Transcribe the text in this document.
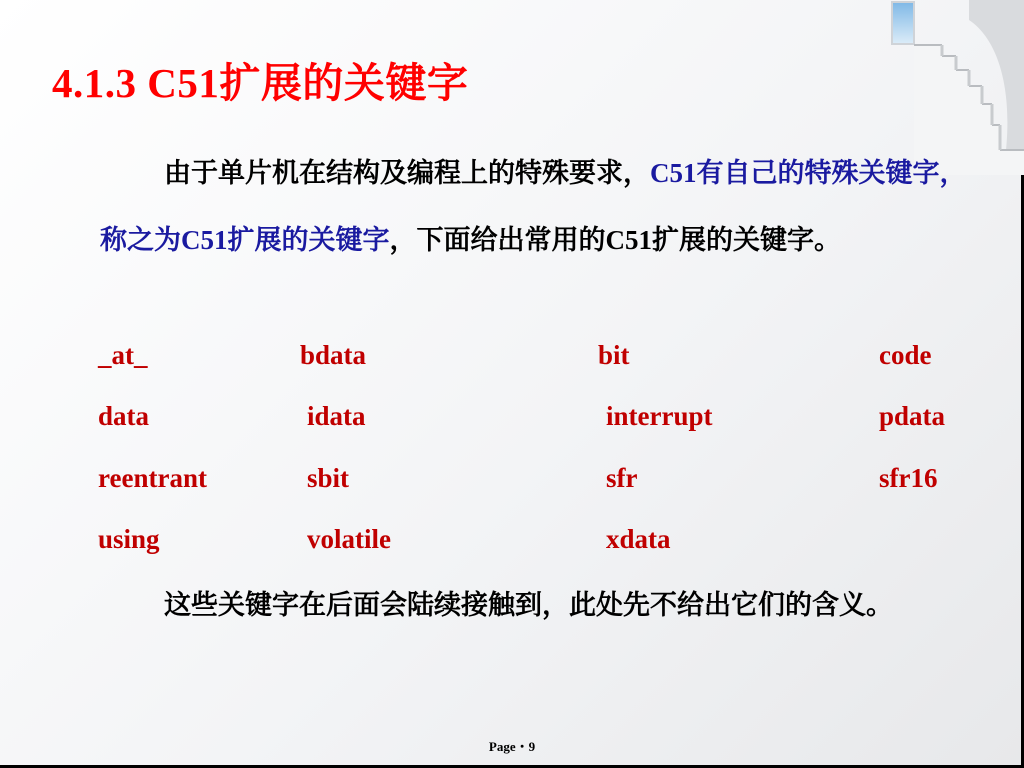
4.1.3 C51扩展的关键字

由于单片机在结构及编程上的特殊要求，C51有自己的特殊关键字，称之为C51扩展的关键字，下面给出常用的C51扩展的关键字。

_at_	bdata	bit	code
data	idata	interrupt	pdata
reentrant	sbit	sfr	sfr16
using	volatile	xdata

这些关键字在后面会陆续接触到，此处先不给出它们的含义。

Page・9
